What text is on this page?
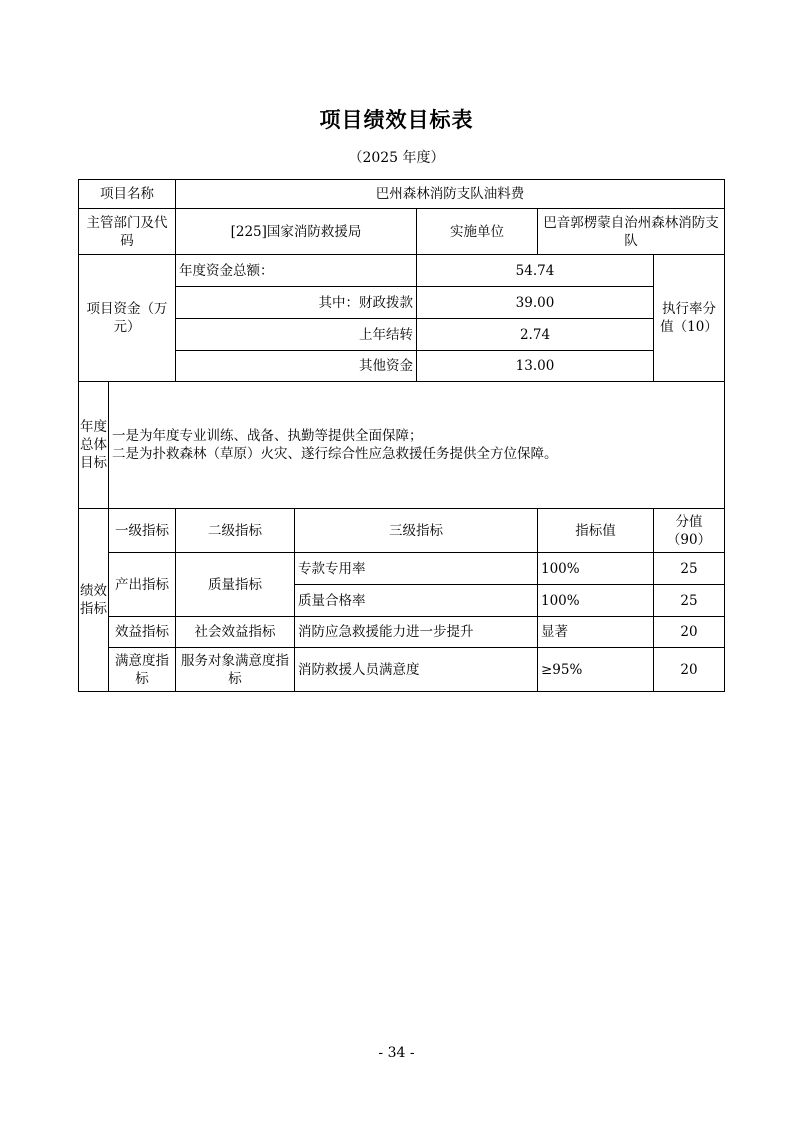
项目绩效目标表
（2025 年度）
项目名称		巴州森林消防支队油料费				
主管部门及代码		[225]国家消防救援局		实施单位	巴音郭楞蒙自治州森林消防支队	
项目资金（万元）		年度资金总额：		54.74		执行率分值（10）
		其中：财政拨款		39.00		
		上年结转		2.74		
		其他资金		13.00		
年度总体目标	一是为年度专业训练、战备、执勤等提供全面保障；
二是为扑救森林（草原）火灾、遂行综合性应急救援任务提供全方位保障。					

绩效指标	一级指标	二级指标	三级指标		指标值	分值（90）
	产出指标	质量指标	专款专用率		100%	25
			质量合格率		100%	25
	效益指标	社会效益指标	消防应急救援能力进一步提升		显著	20
	满意度指标	服务对象满意度指标	消防救援人员满意度		≥95%	20
- 34 -
